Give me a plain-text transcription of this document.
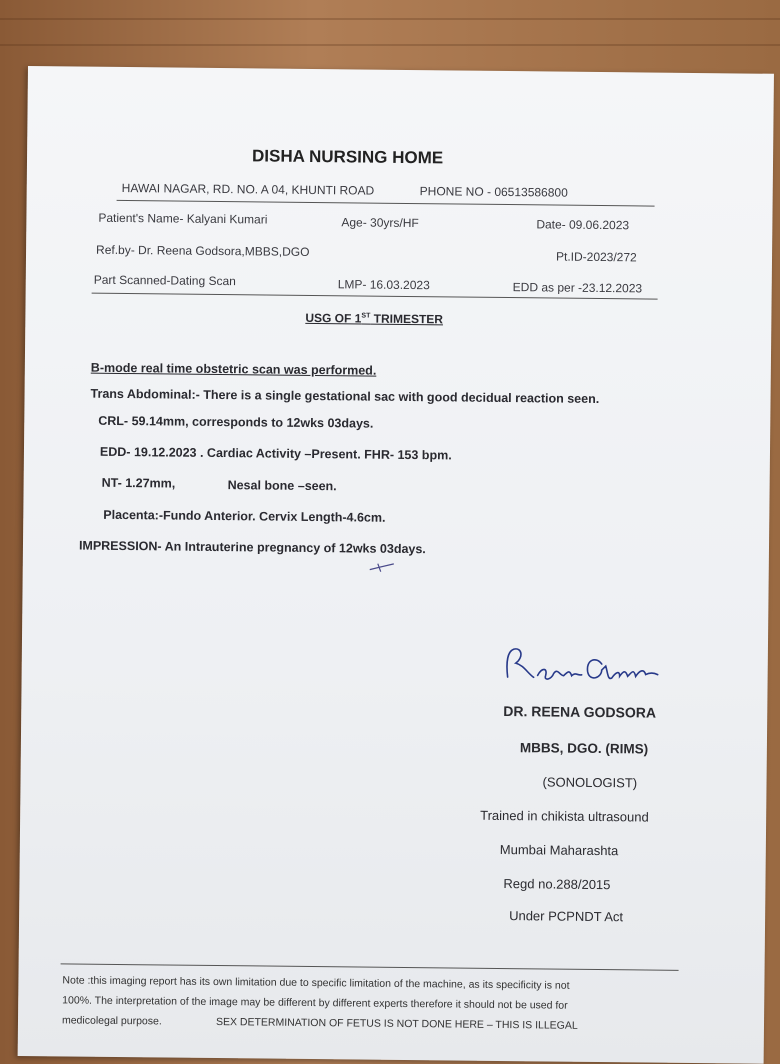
DISHA NURSING HOME
HAWAI NAGAR, RD. NO. A 04, KHUNTI ROAD	PHONE NO - 06513586800
Patient's Name- Kalyani Kumari	Age- 30yrs/HF	Date- 09.06.2023
Ref.by- Dr. Reena Godsora,MBBS,DGO	Pt.ID-2023/272
Part Scanned-Dating Scan	LMP- 16.03.2023	EDD as per -23.12.2023
USG OF 1ST TRIMESTER
B-mode real time obstetric scan was performed.
Trans Abdominal:- There is a single gestational sac with good decidual reaction seen.
CRL- 59.14mm, corresponds to 12wks 03days.
EDD- 19.12.2023 . Cardiac Activity –Present. FHR- 153 bpm.
NT- 1.27mm,	Nesal bone –seen.
Placenta:-Fundo Anterior. Cervix Length-4.6cm.
IMPRESSION- An Intrauterine pregnancy of 12wks 03days.
DR. REENA GODSORA
MBBS, DGO. (RIMS)
(SONOLOGIST)
Trained in chikista ultrasound
Mumbai Maharashta
Regd no.288/2015
Under PCPNDT Act
Note :this imaging report has its own limitation due to specific limitation of the machine, as its specificity is not
100%. The interpretation of the image may be different by different experts therefore it should not be used for
medicolegal purpose.	SEX DETERMINATION OF FETUS IS NOT DONE HERE – THIS IS ILLEGAL
